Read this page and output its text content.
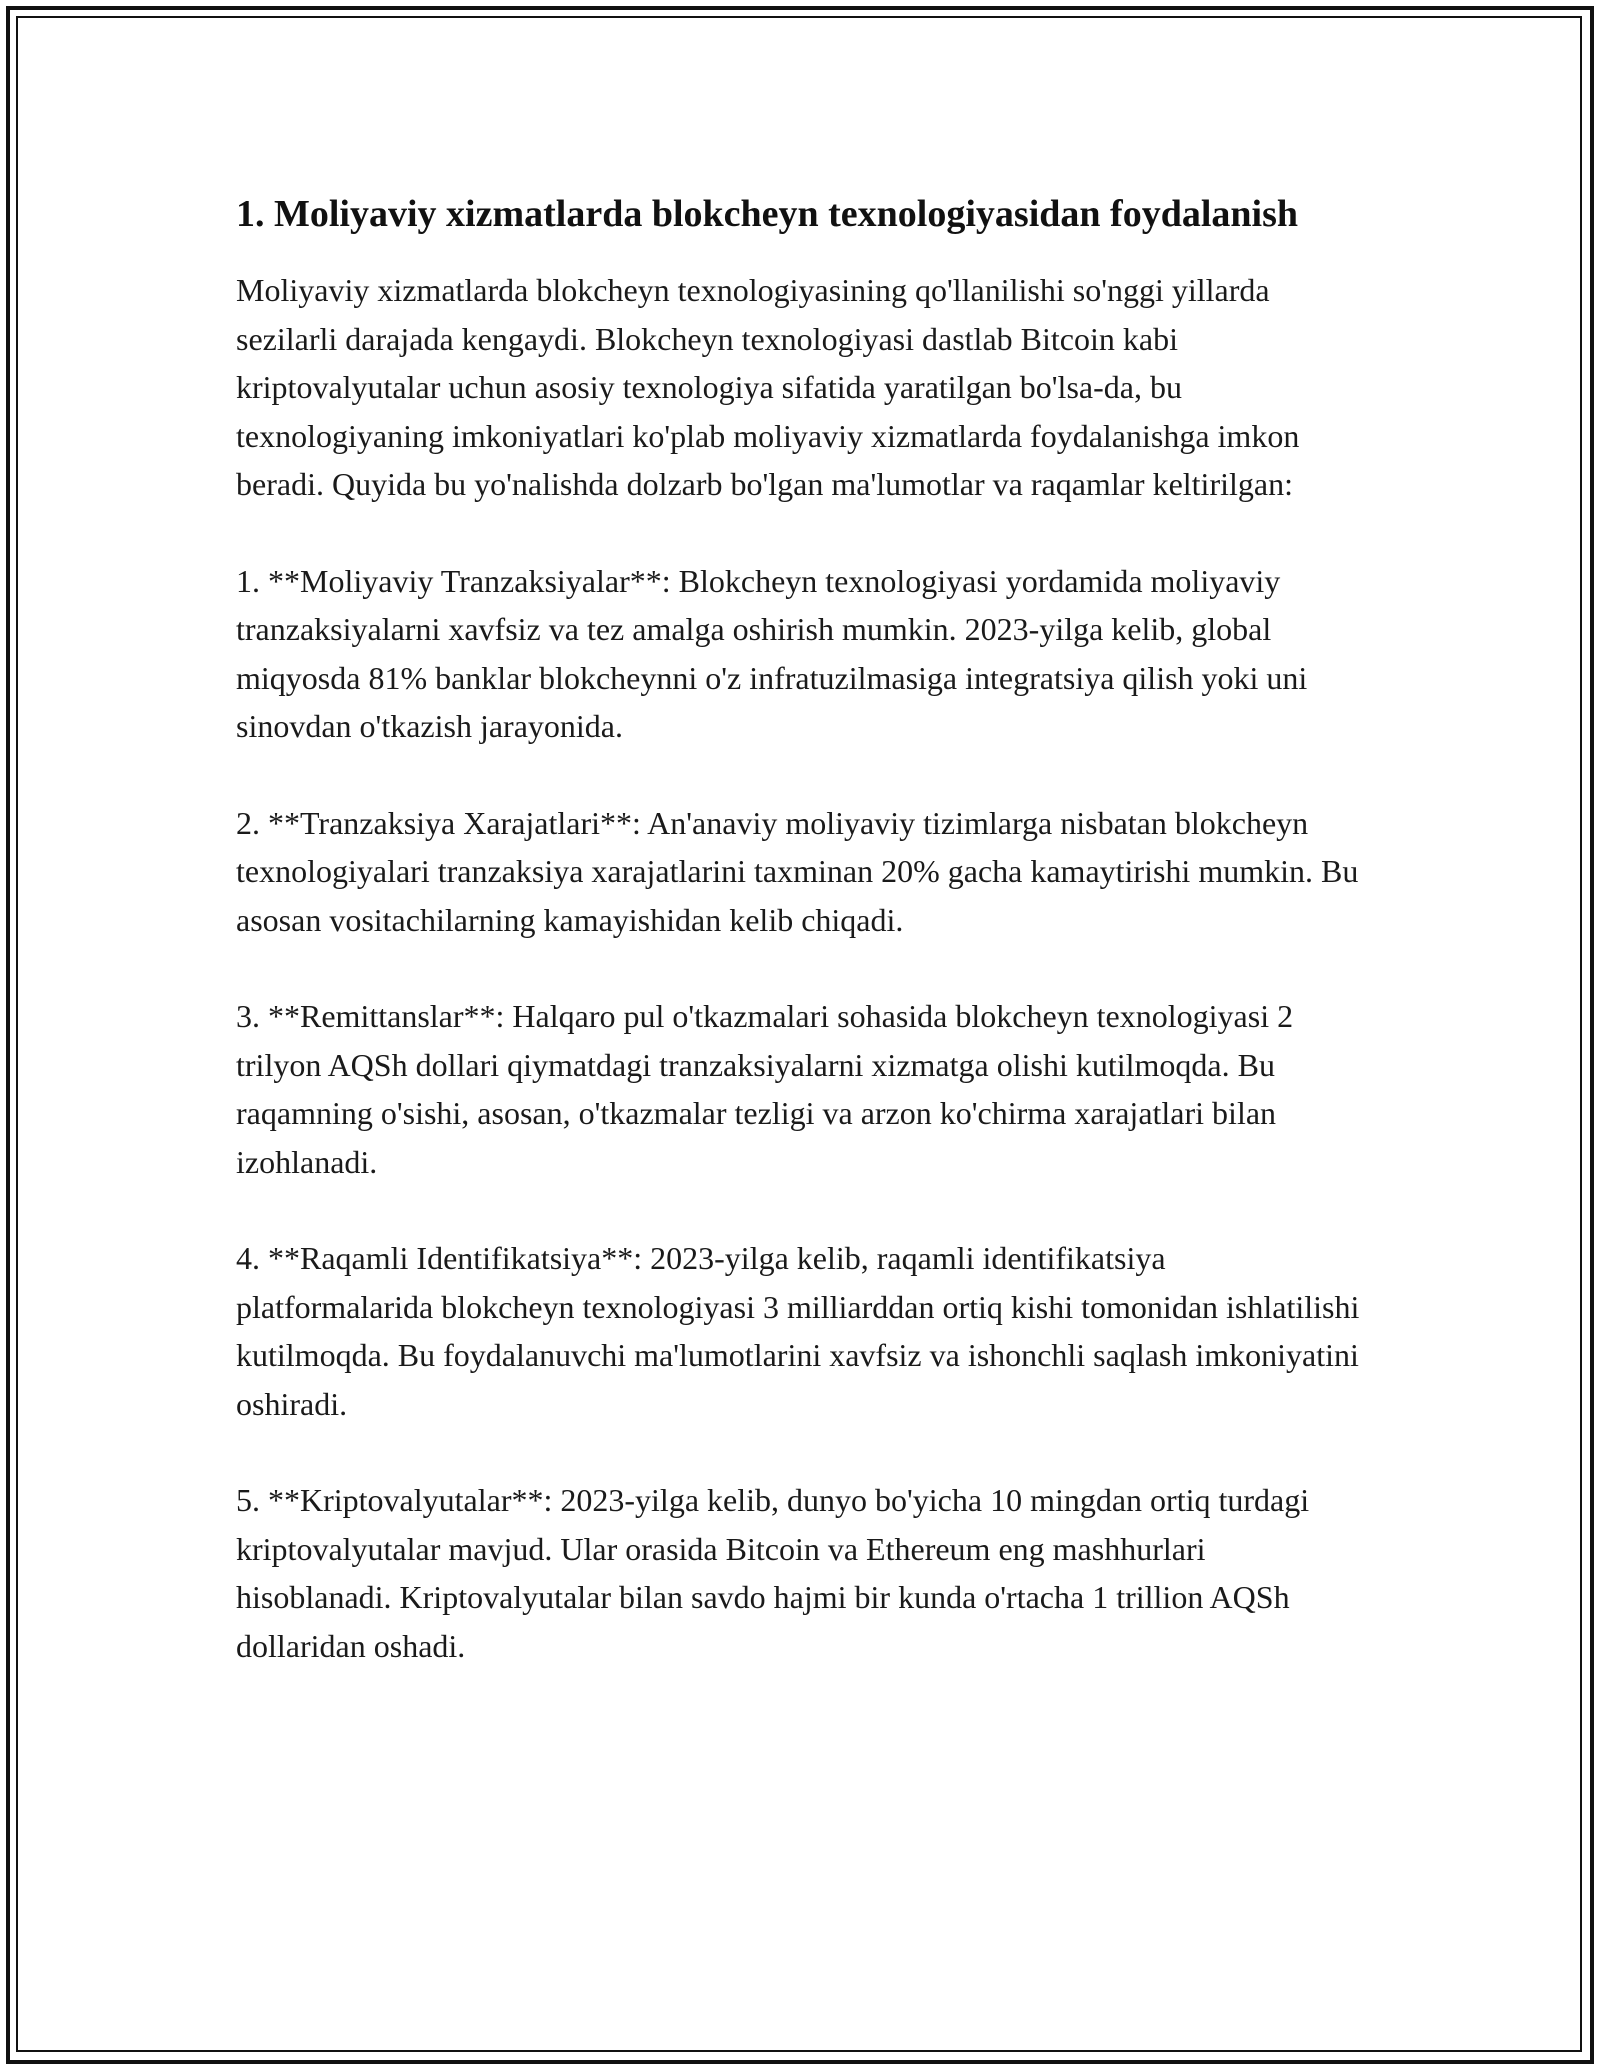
1. Moliyaviy xizmatlarda blokcheyn texnologiyasidan foydalanish

Moliyaviy xizmatlarda blokcheyn texnologiyasining qo'llanilishi so'nggi yillarda sezilarli darajada kengaydi. Blokcheyn texnologiyasi dastlab Bitcoin kabi kriptovalyutalar uchun asosiy texnologiya sifatida yaratilgan bo'lsa-da, bu texnologiyaning imkoniyatlari ko'plab moliyaviy xizmatlarda foydalanishga imkon beradi. Quyida bu yo'nalishda dolzarb bo'lgan ma'lumotlar va raqamlar keltirilgan:

1. **Moliyaviy Tranzaksiyalar**: Blokcheyn texnologiyasi yordamida moliyaviy tranzaksiyalarni xavfsiz va tez amalga oshirish mumkin. 2023-yilga kelib, global miqyosda 81% banklar blokcheynni o'z infratuzilmasiga integratsiya qilish yoki uni sinovdan o'tkazish jarayonida.

2. **Tranzaksiya Xarajatlari**: An'anaviy moliyaviy tizimlarga nisbatan blokcheyn texnologiyalari tranzaksiya xarajatlarini taxminan 20% gacha kamaytirishi mumkin. Bu asosan vositachilarning kamayishidan kelib chiqadi.

3. **Remittanslar**: Halqaro pul o'tkazmalari sohasida blokcheyn texnologiyasi 2 trilyon AQSh dollari qiymatdagi tranzaksiyalarni xizmatga olishi kutilmoqda. Bu raqamning o'sishi, asosan, o'tkazmalar tezligi va arzon ko'chirma xarajatlari bilan izohlanadi.

4. **Raqamli Identifikatsiya**: 2023-yilga kelib, raqamli identifikatsiya platformalarida blokcheyn texnologiyasi 3 milliarddan ortiq kishi tomonidan ishlatilishi kutilmoqda. Bu foydalanuvchi ma'lumotlarini xavfsiz va ishonchli saqlash imkoniyatini oshiradi.

5. **Kriptovalyutalar**: 2023-yilga kelib, dunyo bo'yicha 10 mingdan ortiq turdagi kriptovalyutalar mavjud. Ular orasida Bitcoin va Ethereum eng mashhurlari hisoblanadi. Kriptovalyutalar bilan savdo hajmi bir kunda o'rtacha 1 trillion AQSh dollaridan oshadi.
